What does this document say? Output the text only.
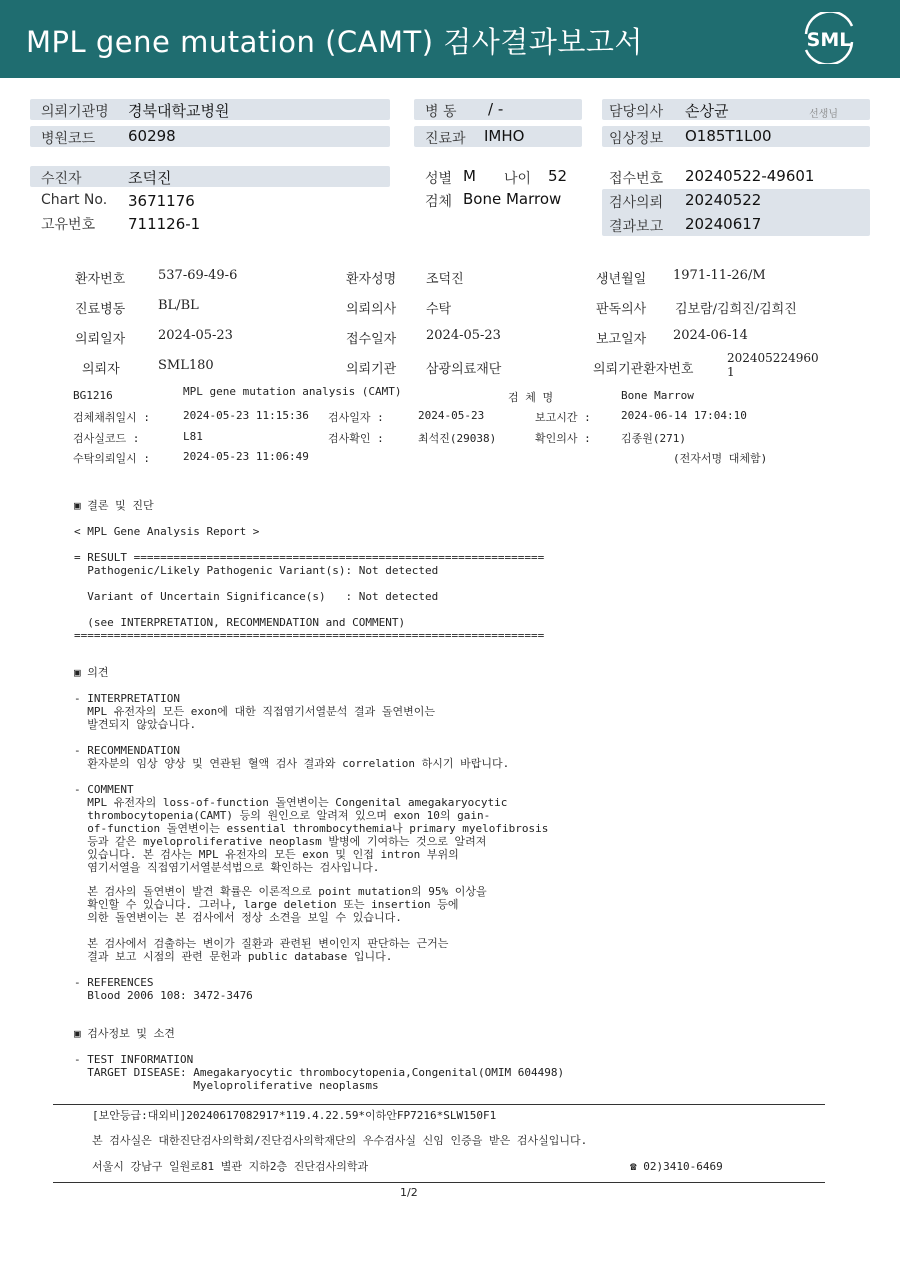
MPL gene mutation (CAMT) 검사결과보고서	SML
의뢰기관명 경북대학교병원
병원코드 60298
병 동 / -
진료과 IMHO
담당의사 손상균	선생님
임상정보 O185T1L00
수진자	조덕진
Chart No. 3671176
고유번호 711126-1
성별 M 나이 52
검체 Bone Marrow
접수번호 20240522-49601
검사의뢰 20240522
결과보고 20240617
환자번호	537-69-49-6	환자성명 조덕진	생년월일 1971-11-26/M
진료병동	BL/BL	의뢰의사 수탁	판독의사 김보람/김희진/김희진
의뢰일자	2024-05-23	접수일자 2024-05-23	보고일자 2024-06-14
의뢰자	SML180	의뢰기관 삼광의료재단	의뢰기관환자번호
202405224960
1
BG1216	MPL gene mutation analysis (CAMT)	검 체 명	Bone Marrow
검체채취일시 :	2024-05-23 11:15:36 검사일자 :	2024-05-23	보고시간 :	2024-06-14 17:04:10
검사실코드 :	L81	검사확인 :	최석진(29038)	확인의사 :	김종원(271)
수탁의뢰일시 :	2024-05-23 11:06:49	(전자서명 대체함)
▣ 결론 및 진단
< MPL Gene Analysis Report >
= RESULT ==============================================================
Pathogenic/Likely Pathogenic Variant(s): Not detected

Variant of Uncertain Significance(s)   : Not detected

(see INTERPRETATION, RECOMMENDATION and COMMENT)
=======================================================================
▣ 의견
- INTERPRETATION
MPL 유전자의 모든 exon에 대한 직접염기서열분석 결과 돌연변이는
발견되지 않았습니다.
- RECOMMENDATION
환자분의 임상 양상 및 연관된 혈액 검사 결과와 correlation 하시기 바랍니다.
- COMMENT
MPL 유전자의 loss-of-function 돌연변이는 Congenital amegakaryocytic
thrombocytopenia(CAMT) 등의 원인으로 알려져 있으며 exon 10의 gain-
of-function 돌연변이는 essential thrombocythemia나 primary myelofibrosis
등과 같은 myeloproliferative neoplasm 발병에 기여하는 것으로 알려져
있습니다. 본 검사는 MPL 유전자의 모든 exon 및 인접 intron 부위의
염기서열을 직접염기서열분석법으로 확인하는 검사입니다.
본 검사의 돌연변이 발견 확률은 이론적으로 point mutation의 95% 이상을
확인할 수 있습니다. 그러나, large deletion 또는 insertion 등에
의한 돌연변이는 본 검사에서 정상 소견을 보일 수 있습니다.
본 검사에서 검출하는 변이가 질환과 관련된 변이인지 판단하는 근거는
결과 보고 시점의 관련 문헌과 public database 입니다.
- REFERENCES
Blood 2006 108: 3472-3476
▣ 검사정보 및 소견
- TEST INFORMATION
TARGET DISEASE: Amegakaryocytic thrombocytopenia,Congenital(OMIM 604498)
Myeloproliferative neoplasms
[보안등급:대외비]20240617082917*119.4.22.59*이하안FP7216*SLW150F1
본 검사실은 대한진단검사의학회/진단검사의학재단의 우수검사실 신임 인증을 받은 검사실입니다.
서울시 강남구 일원로81 별관 지하2층 진단검사의학과	☎ 02)3410-6469
1/2
